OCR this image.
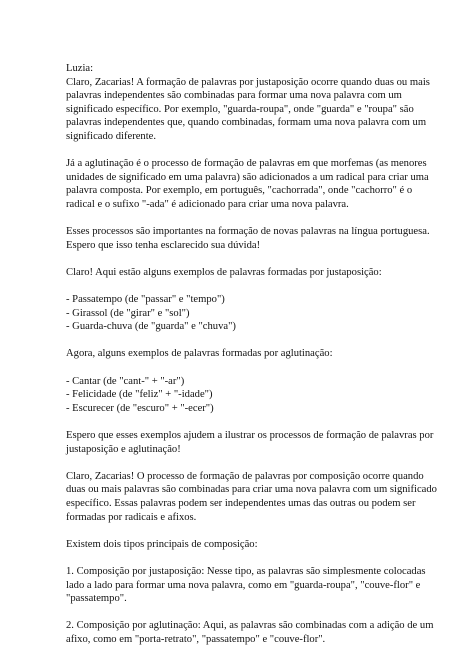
Luzia:
Claro, Zacarias! A formação de palavras por justaposição ocorre quando duas ou mais
palavras independentes são combinadas para formar uma nova palavra com um
significado específico. Por exemplo, "guarda-roupa", onde "guarda" e "roupa" são
palavras independentes que, quando combinadas, formam uma nova palavra com um
significado diferente.
Já a aglutinação é o processo de formação de palavras em que morfemas (as menores
unidades de significado em uma palavra) são adicionados a um radical para criar uma
palavra composta. Por exemplo, em português, "cachorrada", onde "cachorro" é o
radical e o sufixo "-ada" é adicionado para criar uma nova palavra.
Esses processos são importantes na formação de novas palavras na língua portuguesa.
Espero que isso tenha esclarecido sua dúvida!
Claro! Aqui estão alguns exemplos de palavras formadas por justaposição:
- Passatempo (de "passar" e "tempo")
- Girassol (de "girar" e "sol")
- Guarda-chuva (de "guarda" e "chuva")
Agora, alguns exemplos de palavras formadas por aglutinação:
- Cantar (de "cant-" + "-ar")
- Felicidade (de "feliz" + "-idade")
- Escurecer (de "escuro" + "-ecer")
Espero que esses exemplos ajudem a ilustrar os processos de formação de palavras por
justaposição e aglutinação!
Claro, Zacarias! O processo de formação de palavras por composição ocorre quando
duas ou mais palavras são combinadas para criar uma nova palavra com um significado
específico. Essas palavras podem ser independentes umas das outras ou podem ser
formadas por radicais e afixos.
Existem dois tipos principais de composição:
1. Composição por justaposição: Nesse tipo, as palavras são simplesmente colocadas
lado a lado para formar uma nova palavra, como em "guarda-roupa", "couve-flor" e
"passatempo".
2. Composição por aglutinação: Aqui, as palavras são combinadas com a adição de um
afixo, como em "porta-retrato", "passatempo" e "couve-flor".
